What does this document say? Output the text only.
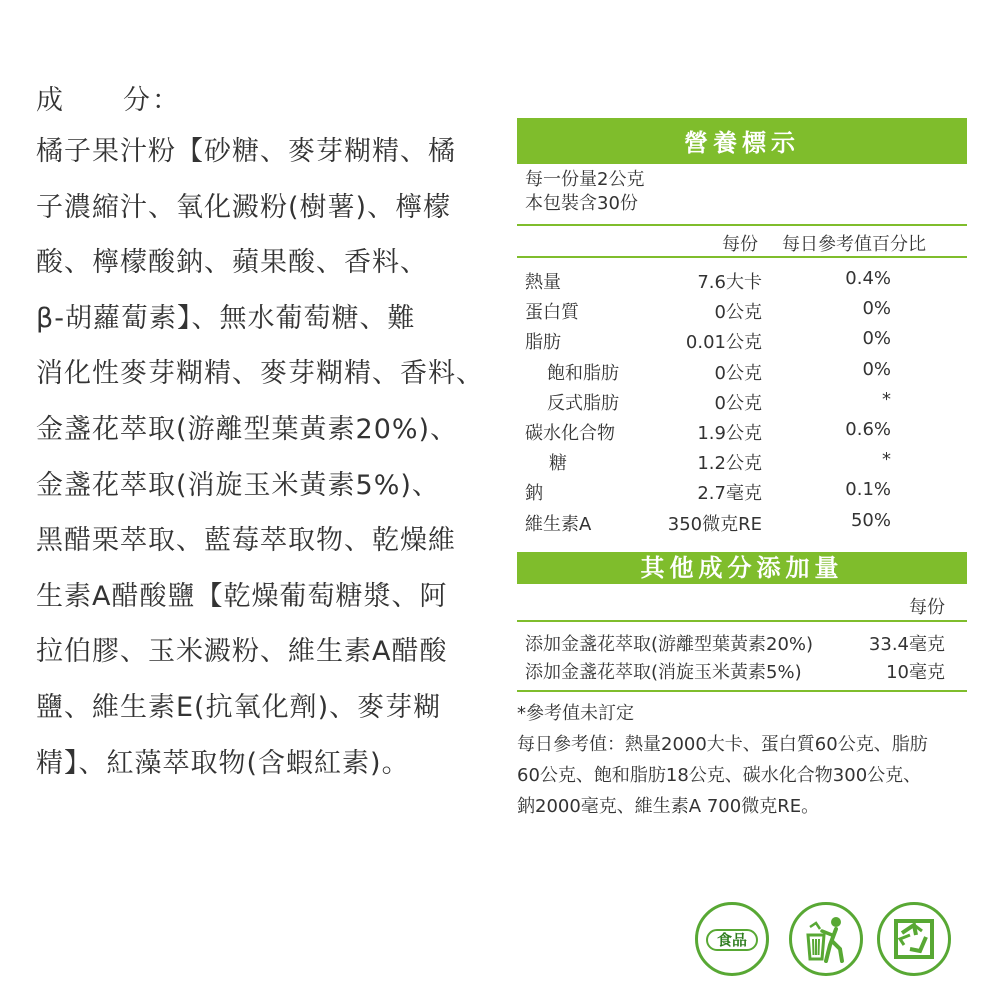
成 分：
橘子果汁粉【砂糖、麥芽糊精、橘
子濃縮汁、氧化澱粉(樹薯)、檸檬
酸、檸檬酸鈉、蘋果酸、香料、
β-胡蘿蔔素】、無水葡萄糖、難
消化性麥芽糊精、麥芽糊精、香料、
金盞花萃取(游離型葉黃素20%)、
金盞花萃取(消旋玉米黃素5%)、
黑醋栗萃取、藍莓萃取物、乾燥維
生素A醋酸鹽【乾燥葡萄糖漿、阿
拉伯膠、玉米澱粉、維生素A醋酸
鹽、維生素E(抗氧化劑)、麥芽糊
精】、紅藻萃取物(含蝦紅素)。
營養標示
每一份量2公克
本包裝含30份
每份 每日參考值百分比
熱量	7.6大卡	0.4%
蛋白質	0公克	0%
脂肪	0.01公克	0%
飽和脂肪	0公克	0%
反式脂肪	0公克	*
碳水化合物	1.9公克	0.6%
糖	1.2公克	*
鈉	2.7毫克	0.1%
維生素A	350微克RE	50%
其他成分添加量
每份
添加金盞花萃取(游離型葉黃素20%)	33.4毫克
添加金盞花萃取(消旋玉米黃素5%)	10毫克
*參考值未訂定
每日參考值：熱量2000大卡、蛋白質60公克、脂肪
60公克、飽和脂肪18公克、碳水化合物300公克、
鈉2000毫克、維生素A 700微克RE。
食品
